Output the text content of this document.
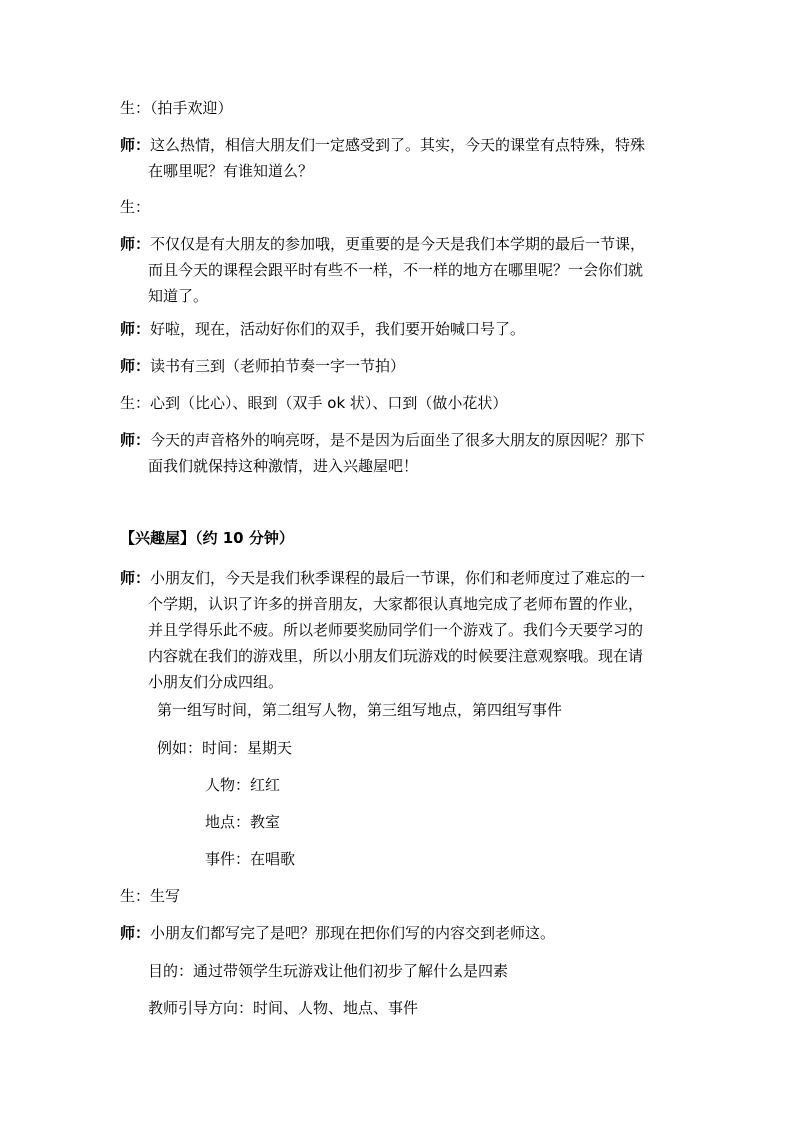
生：（拍手欢迎）
师：这么热情，相信大朋友们一定感受到了。其实，今天的课堂有点特殊，特殊
在哪里呢？有谁知道么？
生：
师：不仅仅是有大朋友的参加哦，更重要的是今天是我们本学期的最后一节课，
而且今天的课程会跟平时有些不一样，不一样的地方在哪里呢？一会你们就
知道了。
师：好啦，现在，活动好你们的双手，我们要开始喊口号了。
师：读书有三到（老师拍节奏一字一节拍）
生：心到（比心）、眼到（双手 ok 状）、口到（做小花状）
师：今天的声音格外的响亮呀，是不是因为后面坐了很多大朋友的原因呢？那下
面我们就保持这种激情，进入兴趣屋吧！
【兴趣屋】（约 10 分钟）
师：小朋友们，今天是我们秋季课程的最后一节课，你们和老师度过了难忘的一
个学期，认识了许多的拼音朋友，大家都很认真地完成了老师布置的作业，
并且学得乐此不疲。所以老师要奖励同学们一个游戏了。我们今天要学习的
内容就在我们的游戏里，所以小朋友们玩游戏的时候要注意观察哦。现在请
小朋友们分成四组。
第一组写时间，第二组写人物，第三组写地点，第四组写事件
例如：时间：星期天
人物：红红
地点：教室
事件：在唱歌
生：生写
师：小朋友们都写完了是吧？那现在把你们写的内容交到老师这。
目的：通过带领学生玩游戏让他们初步了解什么是四素
教师引导方向：时间、人物、地点、事件
